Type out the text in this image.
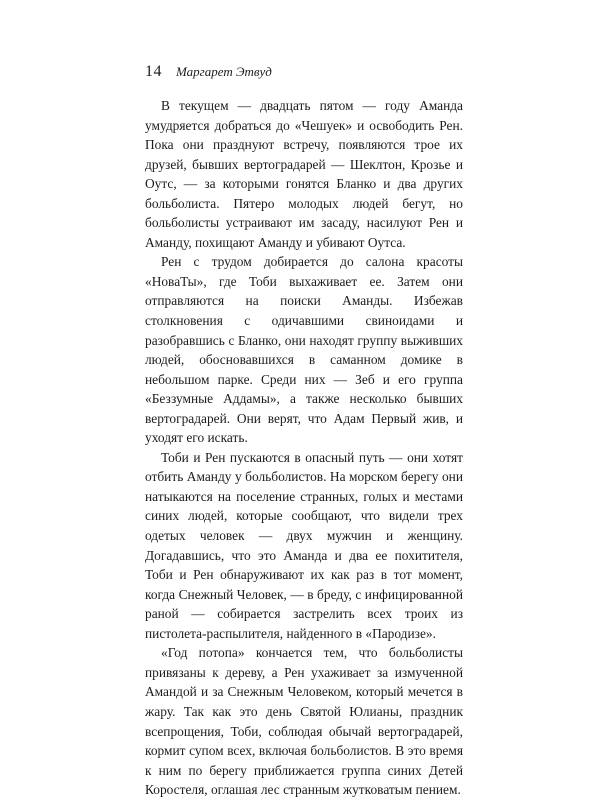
14 Маргарет Этвуд

В текущем — двадцать пятом — году Аманда умудряется добраться до «Чешуек» и освободить Рен. Пока они празднуют встречу, появляются трое их друзей, бывших вертоградарей — Шеклтон, Крозье и Оутс, — за которыми гонятся Бланко и два других больболиста. Пятеро молодых людей бегут, но больболисты устраивают им засаду, насилуют Рен и Аманду, похищают Аманду и убивают Оутса.

Рен с трудом добирается до салона красоты «НоваТы», где Тоби выхаживает ее. Затем они отправляются на поиски Аманды. Избежав столкновения с одичавшими свиноидами и разобравшись с Бланко, они находят группу выживших людей, обосновавшихся в саманном домике в небольшом парке. Среди них — Зеб и его группа «Беззумные Аддамы», а также несколько бывших вертоградарей. Они верят, что Адам Первый жив, и уходят его искать.

Тоби и Рен пускаются в опасный путь — они хотят отбить Аманду у больболистов. На морском берегу они натыкаются на поселение странных, голых и местами синих людей, которые сообщают, что видели трех одетых человек — двух мужчин и женщину. Догадавшись, что это Аманда и два ее похитителя, Тоби и Рен обнаруживают их как раз в тот момент, когда Снежный Человек, — в бреду, с инфицированной раной — собирается застрелить всех троих из пистолета-распылителя, найденного в «Пародизе».

«Год потопа» кончается тем, что больболисты привязаны к дереву, а Рен ухаживает за измученной Амандой и за Снежным Человеком, который мечется в жару. Так как это день Святой Юлианы, праздник всепрощения, Тоби, соблюдая обычай вертоградарей, кормит супом всех, включая больболистов. В это время к ним по берегу приближается группа синих Детей Коростеля, оглашая лес странным жутковатым пением.
